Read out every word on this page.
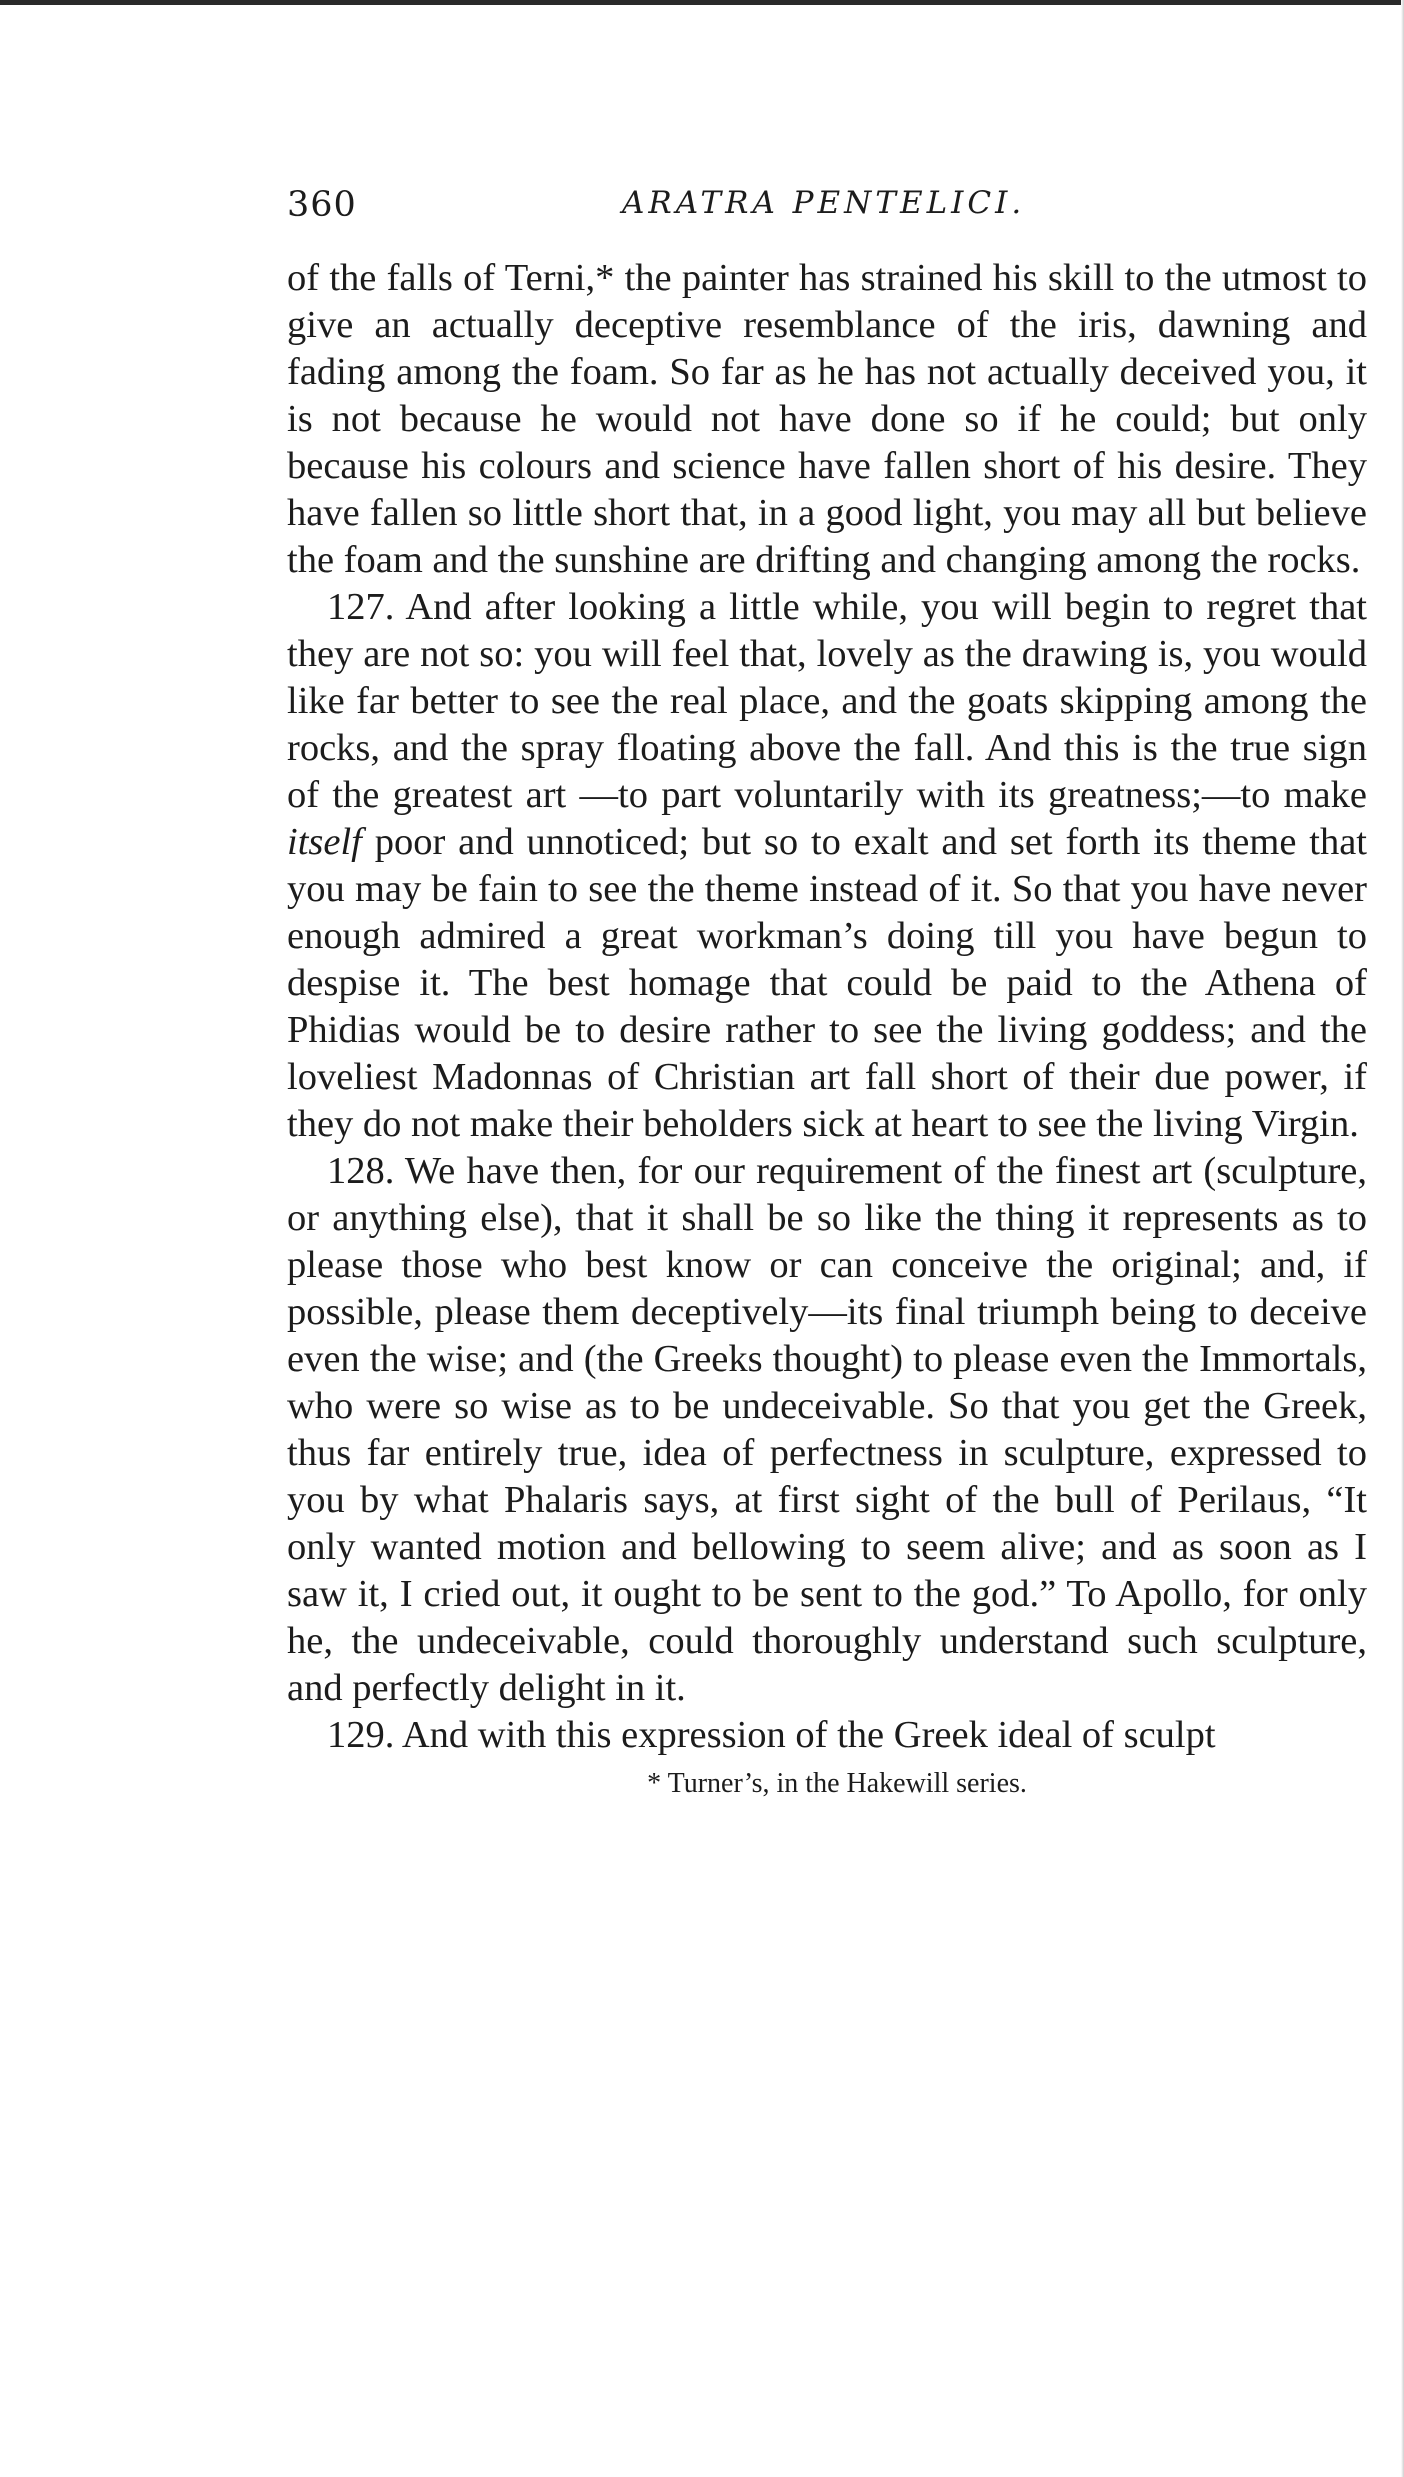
360	ARATRA PENTELICI.

of the falls of Terni,* the painter has strained his skill to the utmost to give an actually deceptive resemblance of the iris, dawning and fading among the foam. So far as he has not actually deceived you, it is not because he would not have done so if he could; but only because his colours and science have fallen short of his desire. They have fallen so little short that, in a good light, you may all but believe the foam and the sunshine are drifting and changing among the rocks.

127. And after looking a little while, you will begin to regret that they are not so: you will feel that, lovely as the drawing is, you would like far better to see the real place, and the goats skipping among the rocks, and the spray floating above the fall. And this is the true sign of the greatest art —to part voluntarily with its greatness;—to make itself poor and unnoticed; but so to exalt and set forth its theme that you may be fain to see the theme instead of it. So that you have never enough admired a great workman’s doing till you have begun to despise it. The best homage that could be paid to the Athena of Phidias would be to desire rather to see the living goddess; and the loveliest Madonnas of Christian art fall short of their due power, if they do not make their beholders sick at heart to see the living Virgin.

128. We have then, for our requirement of the finest art (sculpture, or anything else), that it shall be so like the thing it represents as to please those who best know or can conceive the original; and, if possible, please them deceptively—its final triumph being to deceive even the wise; and (the Greeks thought) to please even the Immortals, who were so wise as to be undeceivable. So that you get the Greek, thus far entirely true, idea of perfectness in sculpture, expressed to you by what Phalaris says, at first sight of the bull of Perilaus, “It only wanted motion and bellowing to seem alive; and as soon as I saw it, I cried out, it ought to be sent to the god.” To Apollo, for only he, the undeceivable, could thoroughly understand such sculpture, and perfectly delight in it.

129. And with this expression of the Greek ideal of sculpt

* Turner’s, in the Hakewill series.
